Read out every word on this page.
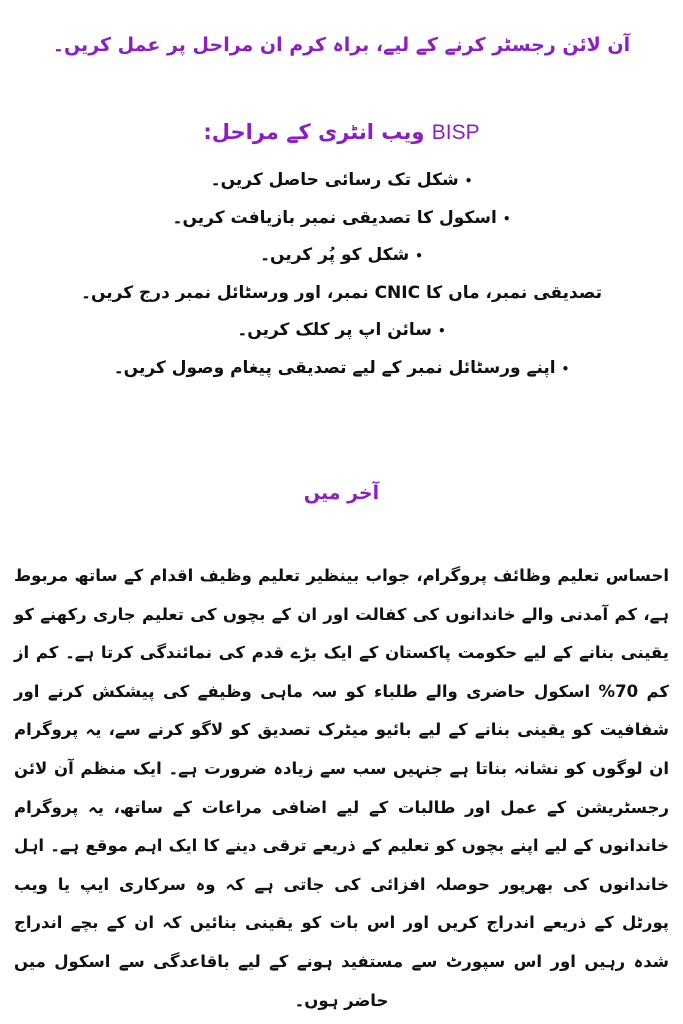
آن لائن رجسٹر کرنے کے لیے، براہ کرم ان مراحل پر عمل کریں۔
BISP ویب انٹری کے مراحل:
•شکل تک رسائی حاصل کریں۔
•اسکول کا تصدیقی نمبر بازیافت کریں۔
•شکل کو پُر کریں۔
تصدیقی نمبر، ماں کا CNIC نمبر، اور ورسٹائل نمبر درج کریں۔
•سائن اپ پر کلک کریں۔
•اپنے ورسٹائل نمبر کے لیے تصدیقی پیغام وصول کریں۔
آخر میں

احساس تعلیم وظائف پروگرام، جواب بینظیر تعلیم وظیف اقدام کے ساتھ مربوط ہے، کم آمدنی والے خاندانوں کی کفالت اور ان کے بچوں کی تعلیم جاری رکھنے کو یقینی بنانے کے لیے حکومت پاکستان کے ایک بڑے قدم کی نمائندگی کرتا ہے۔ کم از کم 70% اسکول حاضری والے طلباء کو سہ ماہی وظیفے کی پیشکش کرنے اور شفافیت کو یقینی بنانے کے لیے بائیو میٹرک تصدیق کو لاگو کرنے سے، یہ پروگرام ان لوگوں کو نشانہ بناتا ہے جنہیں سب سے زیادہ ضرورت ہے۔ ایک منظم آن لائن رجسٹریشن کے عمل اور طالبات کے لیے اضافی مراعات کے ساتھ، یہ پروگرام خاندانوں کے لیے اپنے بچوں کو تعلیم کے ذریعے ترقی دینے کا ایک اہم موقع ہے۔ اہل خاندانوں کی بھرپور حوصلہ افزائی کی جاتی ہے کہ وہ سرکاری ایپ یا ویب پورٹل کے ذریعے اندراج کریں اور اس بات کو یقینی بنائیں کہ ان کے بچے اندراج شدہ رہیں اور اس سپورٹ سے مستفید ہونے کے لیے باقاعدگی سے اسکول میں حاضر ہوں۔
